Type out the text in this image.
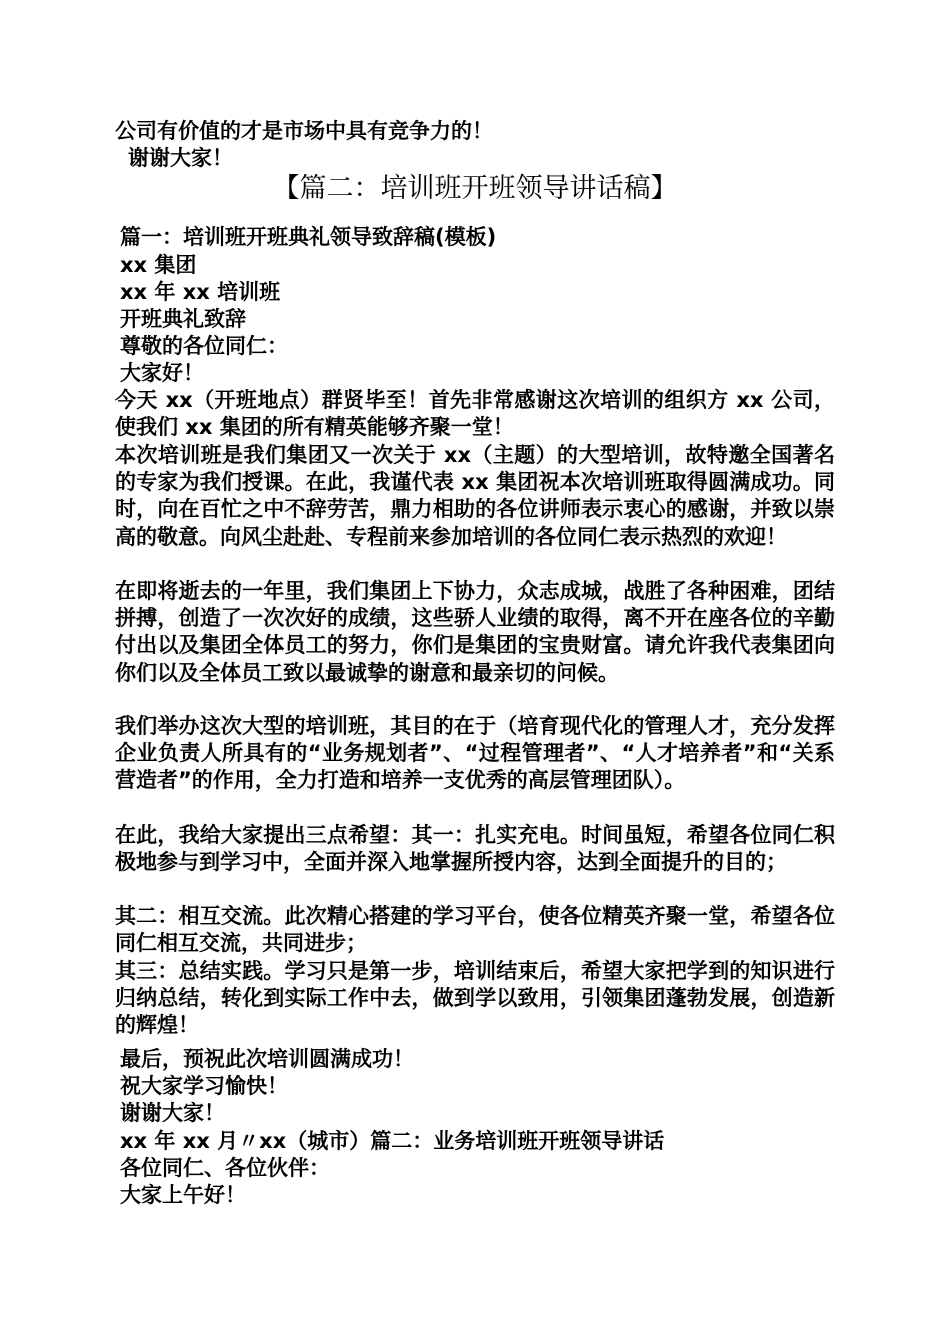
公司有价值的才是市场中具有竞争力的！
谢谢大家！
【篇二：培训班开班领导讲话稿】
篇一：培训班开班典礼领导致辞稿(模板)
xx 集团
xx 年 xx 培训班
开班典礼致辞
尊敬的各位同仁：
大家好！

今天 xx（开班地点）群贤毕至！首先非常感谢这次培训的组织方 xx 公司，使我们 xx 集团的所有精英能够齐聚一堂！

本次培训班是我们集团又一次关于 xx（主题）的大型培训，故特邀全国著名的专家为我们授课。在此，我谨代表 xx 集团祝本次培训班取得圆满成功。同时，向在百忙之中不辞劳苦，鼎力相助的各位讲师表示衷心的感谢，并致以崇高的敬意。向风尘赴赴、专程前来参加培训的各位同仁表示热烈的欢迎！

在即将逝去的一年里，我们集团上下协力，众志成城，战胜了各种困难，团结拼搏，创造了一次次好的成绩，这些骄人业绩的取得，离不开在座各位的辛勤付出以及集团全体员工的努力，你们是集团的宝贵财富。请允许我代表集团向你们以及全体员工致以最诚挚的谢意和最亲切的问候。

我们举办这次大型的培训班，其目的在于（培育现代化的管理人才，充分发挥企业负责人所具有的“业务规划者”、“过程管理者”、“人才培养者”和“关系营造者”的作用，全力打造和培养一支优秀的高层管理团队）。

在此，我给大家提出三点希望：其一：扎实充电。时间虽短，希望各位同仁积极地参与到学习中，全面并深入地掌握所授内容，达到全面提升的目的；

其二：相互交流。此次精心搭建的学习平台，使各位精英齐聚一堂，希望各位同仁相互交流，共同进步；

其三：总结实践。学习只是第一步，培训结束后，希望大家把学到的知识进行归纳总结，转化到实际工作中去，做到学以致用，引领集团蓬勃发展，创造新的辉煌！

最后，预祝此次培训圆满成功！
祝大家学习愉快！
谢谢大家！
xx 年 xx 月〃xx（城市）篇二：业务培训班开班领导讲话
各位同仁、各位伙伴：
大家上午好！
